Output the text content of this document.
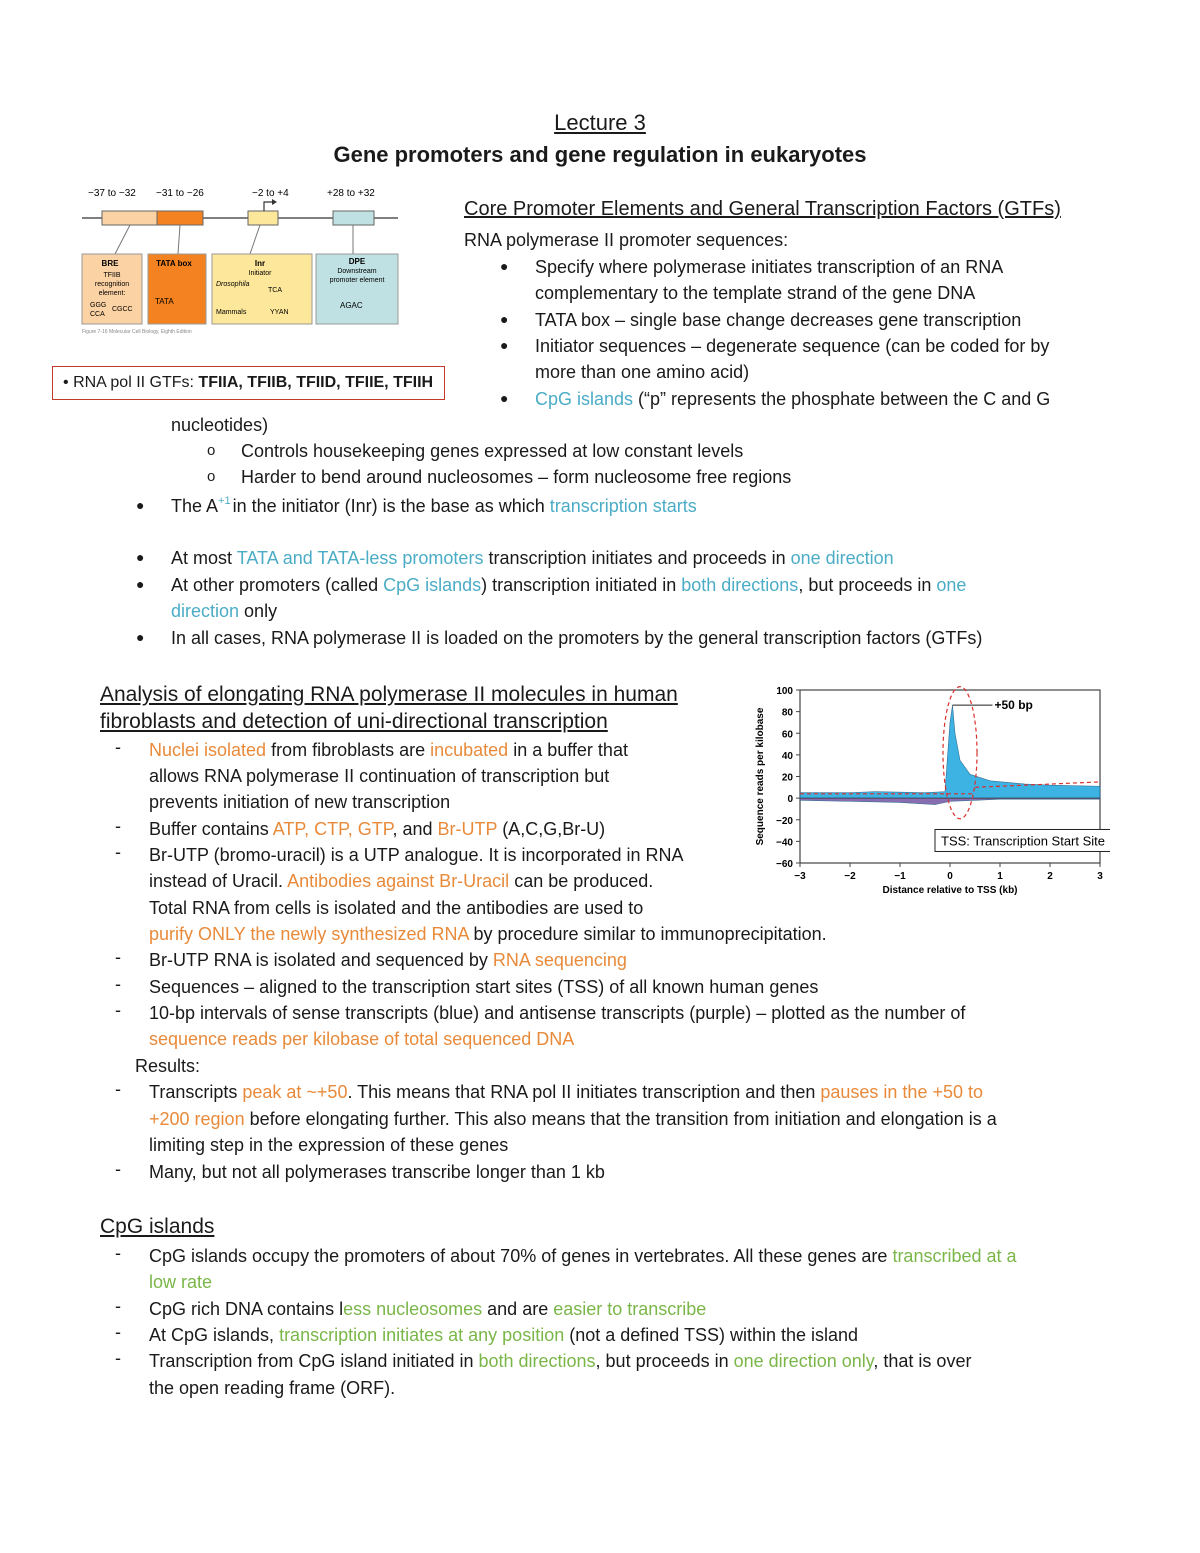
Lecture 3
Gene promoters and gene regulation in eukaryotes
−37 to −32 −31 to −26	−2 to +4	+28 to +32
BRE
TFIIB
recognition
element:
GGG
CCA
CGCC
TATA box
TATA
Inr
Initiator
Drosophila
TCA
Mammals	YYAN
DPE
Downstream
promoter element
AGAC
Figure 7-16 Molecular Cell Biology, Eighth Edition
• RNA pol II GTFs: TFIIA, TFIIB, TFIID, TFIIE, TFIIH
Core Promoter Elements and General Transcription Factors (GTFs)
RNA polymerase II promoter sequences:
● Specify where polymerase initiates transcription of an RNA
complementary to the template strand of the gene DNA
● TATA box – single base change decreases gene transcription
● Initiator sequences – degenerate sequence (can be coded for by
more than one amino acid)
● CpG islands (“p” represents the phosphate between the C and G
nucleotides)
o Controls housekeeping genes expressed at low constant levels
o Harder to bend around nucleosomes – form nucleosome free regions
● The $A^{+1}$ in the initiator (Inr) is the base as which transcription starts
● At most TATA and TATA-less promoters transcription initiates and proceeds in one direction
● At other promoters (called CpG islands) transcription initiated in both directions, but proceeds in one
direction only
● In all cases, RNA polymerase II is loaded on the promoters by the general transcription factors (GTFs)
Analysis of elongating RNA polymerase II molecules in human
fibroblasts and detection of uni-directional transcription
- Nuclei isolated from fibroblasts are incubated in a buffer that
allows RNA polymerase II continuation of transcription but
prevents initiation of new transcription
- Buffer contains ATP, CTP, GTP, and Br-UTP (A,C,G,Br-U)
- Br-UTP (bromo-uracil) is a UTP analogue. It is incorporated in RNA
instead of Uracil. Antibodies against Br-Uracil can be produced.
Total RNA from cells is isolated and the antibodies are used to
purify ONLY the newly synthesized RNA by procedure similar to immunoprecipitation.
- Br-UTP RNA is isolated and sequenced by RNA sequencing
- Sequences – aligned to the transcription start sites (TSS) of all known human genes
- 10-bp intervals of sense transcripts (blue) and antisense transcripts (purple) – plotted as the number of
sequence reads per kilobase of total sequenced DNA
Results:
- Transcripts peak at ~+50. This means that RNA pol II initiates transcription and then pauses in the +50 to
+200 region before elongating further. This also means that the transition from initiation and elongation is a
limiting step in the expression of these genes
- Many, but not all polymerases transcribe longer than 1 kb
+50 bp
100
80
60
40
20
0
−20
−40
−60
−3	−2	−1	0	1	2	3
Distance relative to TSS (kb)
Sequence reads per kilobase	TSS: Transcription Start Site
CpG islands
- CpG islands occupy the promoters of about 70% of genes in vertebrates. All these genes are transcribed at a
low rate
- CpG rich DNA contains less nucleosomes and are easier to transcribe
- At CpG islands, transcription initiates at any position (not a defined TSS) within the island
- Transcription from CpG island initiated in both directions, but proceeds in one direction only, that is over
the open reading frame (ORF).
